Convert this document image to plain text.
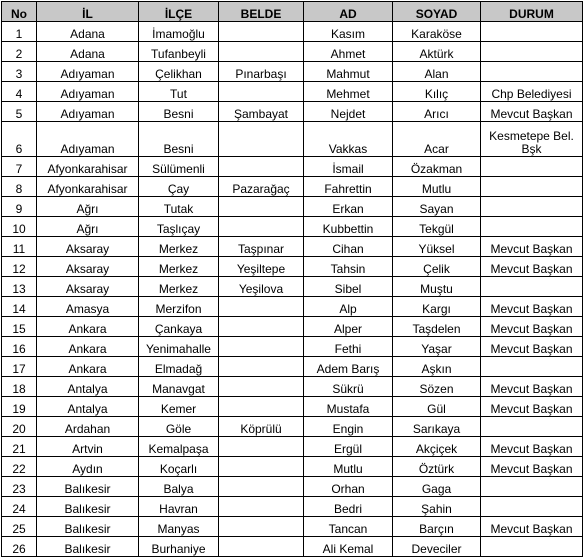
No	İL	İLÇE	BELDE	AD	SOYAD	DURUM
1	Adana	İmamoğlu		Kasım	Karaköse	
2	Adana	Tufanbeyli		Ahmet	Aktürk	
3	Adıyaman	Çelikhan	Pınarbaşı	Mahmut	Alan	
4	Adıyaman	Tut		Mehmet	Kılıç	Chp Belediyesi
5	Adıyaman	Besni	Şambayat	Nejdet	Arıcı	Mevcut Başkan
6	Adıyaman	Besni		Vakkas	Acar	Kesmetepe Bel. Bşk
7	Afyonkarahisar	Sülümenli		İsmail	Özakman	
8	Afyonkarahisar	Çay	Pazarağaç	Fahrettin	Mutlu	
9	Ağrı	Tutak		Erkan	Sayan	
10	Ağrı	Taşlıçay		Kubbettin	Tekgül	
11	Aksaray	Merkez	Taşpınar	Cihan	Yüksel	Mevcut Başkan
12	Aksaray	Merkez	Yeşiltepe	Tahsin	Çelik	Mevcut Başkan
13	Aksaray	Merkez	Yeşilova	Sibel	Muştu	
14	Amasya	Merzifon		Alp	Kargı	Mevcut Başkan
15	Ankara	Çankaya		Alper	Taşdelen	Mevcut Başkan
16	Ankara	Yenimahalle		Fethi	Yaşar	Mevcut Başkan
17	Ankara	Elmadağ		Adem Barış	Aşkın	
18	Antalya	Manavgat		Sükrü	Sözen	Mevcut Başkan
19	Antalya	Kemer		Mustafa	Gül	Mevcut Başkan
20	Ardahan	Göle	Köprülü	Engin	Sarıkaya	
21	Artvin	Kemalpaşa		Ergül	Akçiçek	Mevcut Başkan
22	Aydın	Koçarlı		Mutlu	Öztürk	Mevcut Başkan
23	Balıkesir	Balya		Orhan	Gaga	
24	Balıkesir	Havran		Bedri	Şahin	
25	Balıkesir	Manyas		Tancan	Barçın	Mevcut Başkan
26	Balıkesir	Burhaniye		Ali Kemal	Deveciler	
